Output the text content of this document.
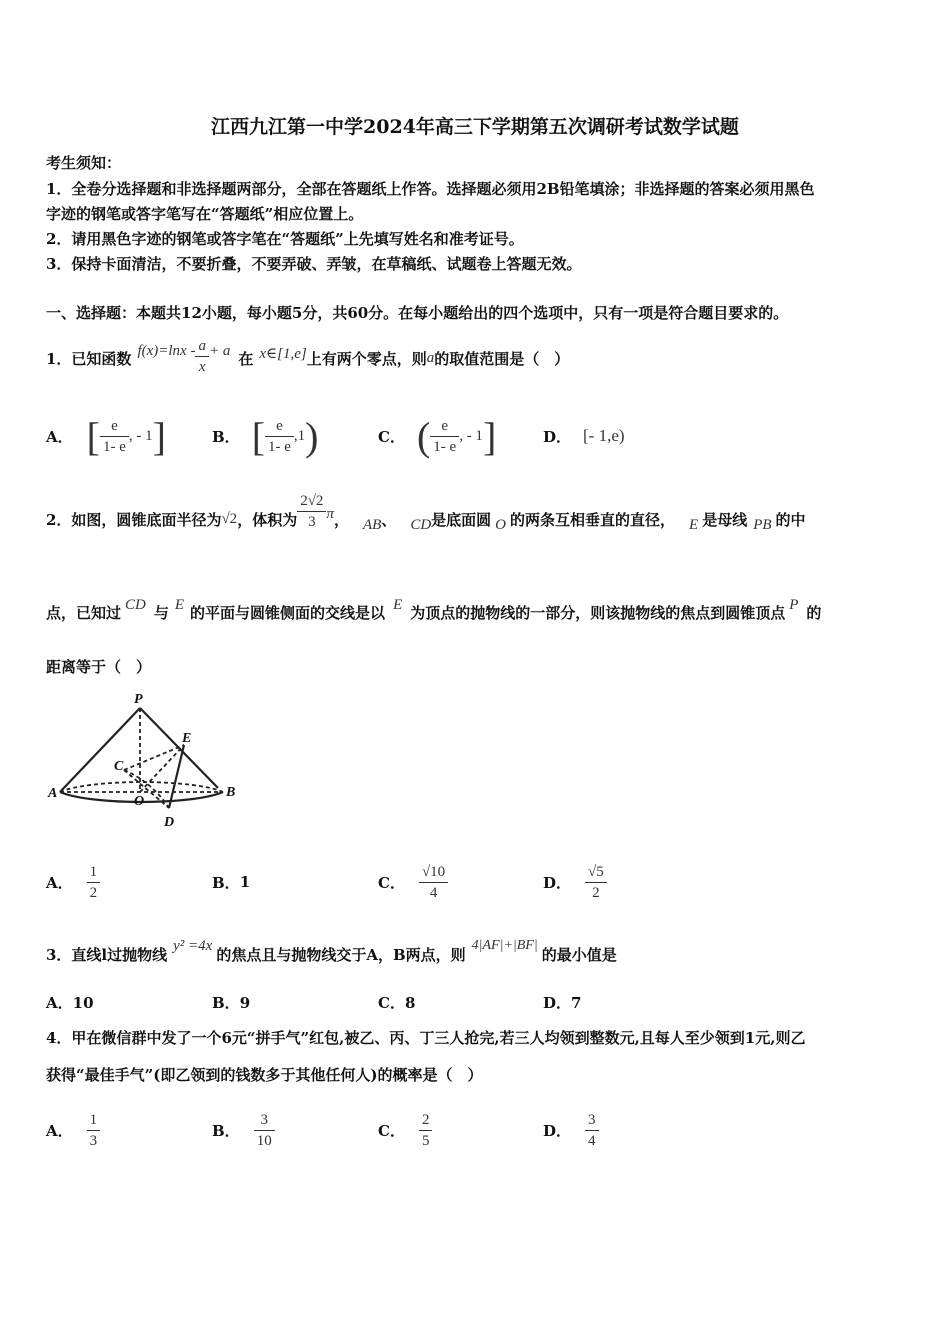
江西九江第一中学2024年高三下学期第五次调研考试数学试题
考生须知：
1．全卷分选择题和非选择题两部分，全部在答题纸上作答。选择题必须用2B铅笔填涂；非选择题的答案必须用黑色
字迹的钢笔或答字笔写在“答题纸”相应位置上。
2．请用黑色字迹的钢笔或答字笔在“答题纸”上先填写姓名和准考证号。
3．保持卡面清洁，不要折叠，不要弄破、弄皱，在草稿纸、试题卷上答题无效。
一、选择题：本题共12小题，每小题5分，共60分。在每小题给出的四个选项中，只有一项是符合题目要求的。
1．已知函数 $f(x)=\ln x - \frac{a}{x} + a$ 在 x∈[1,e] 上有两个零点，则 a 的取值范围是（　）
A． [ $\frac{e}{1- e}$ , - 1 ]	B． [ $\frac{e}{1- e} ,1$ )	C． ( $\frac{e}{1- e}$ , - 1 ]	D． [- 1,e)
2．如图，圆锥底面半径为 √2 ，体积为 $\frac{2√2}{3}$ π ， AB 、 CD 是底面圆 O 的两条互相垂直的直径， E 是母线 PB 的中
点，已知过 CD 与 E 的平面与圆锥侧面的交线是以 E 为顶点的抛物线的一部分，则该抛物线的焦点到圆锥顶点 P 的
距离等于（　）
P
E
C
A
O
B
D
A． $\frac{1}{2}$	B． 1	C． $\frac{√10}{4}$	D． $\frac{√5}{2}$
3．直线l过抛物线 y² =4x 的焦点且与抛物线交于A，B两点，则 4|AF|+|BF| 的最小值是
A．10	B．9	C．8	D．7
4．甲在微信群中发了一个6元“拼手气”红包,被乙、丙、丁三人抢完,若三人均领到整数元,且每人至少领到1元,则乙
获得“最佳手气”(即乙领到的钱数多于其他任何人)的概率是（　）
A． $\frac{1}{3}$	B． $\frac{3}{10}$	C． $\frac{2}{5}$	D． $\frac{3}{4}$
